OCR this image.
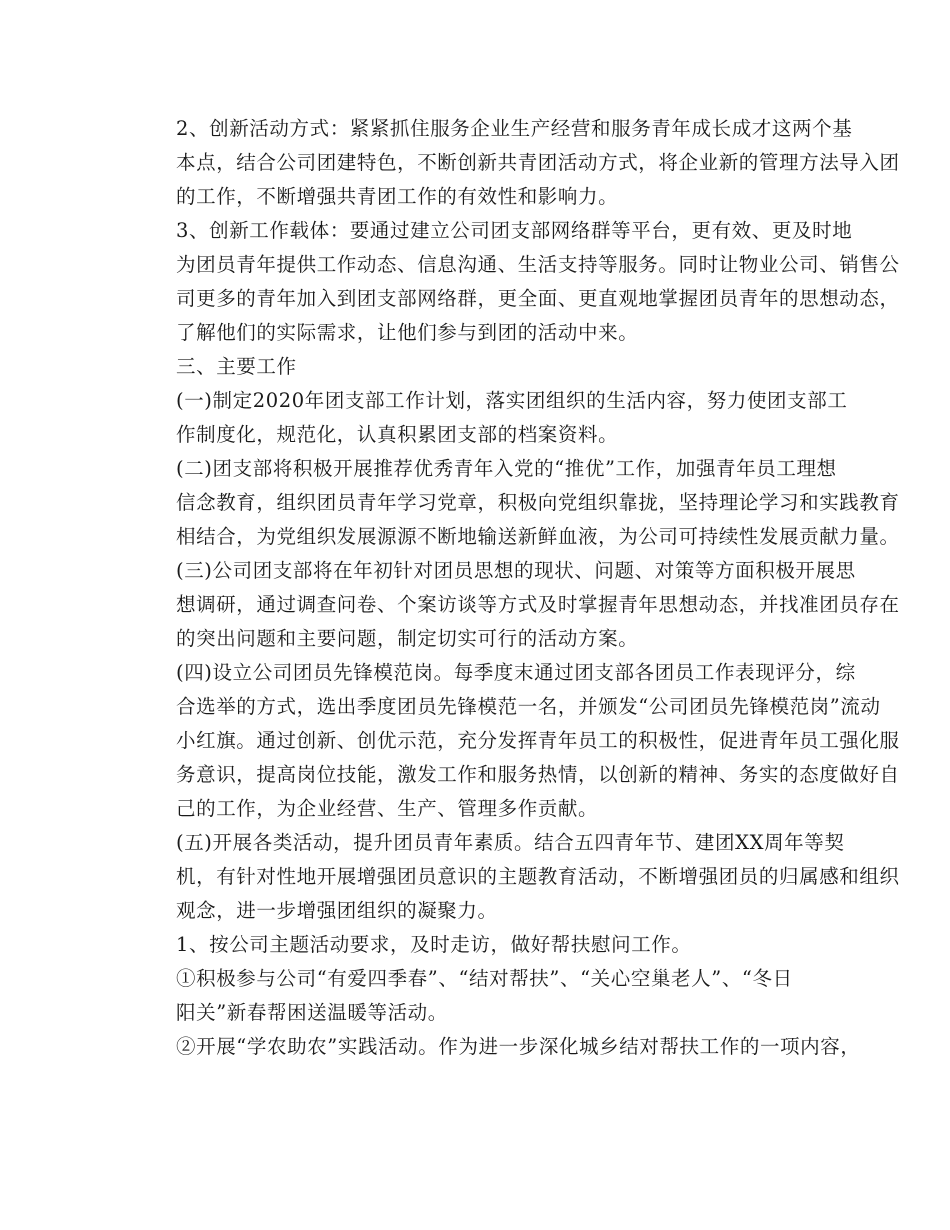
2、创新活动方式：紧紧抓住服务企业生产经营和服务青年成长成才这两个基
本点，结合公司团建特色，不断创新共青团活动方式，将企业新的管理方法导入团
的工作，不断增强共青团工作的有效性和影响力。
3、创新工作载体：要通过建立公司团支部网络群等平台，更有效、更及时地
为团员青年提供工作动态、信息沟通、生活支持等服务。同时让物业公司、销售公
司更多的青年加入到团支部网络群，更全面、更直观地掌握团员青年的思想动态，
了解他们的实际需求，让他们参与到团的活动中来。
三、主要工作
(一)制定2020年团支部工作计划，落实团组织的生活内容，努力使团支部工
作制度化，规范化，认真积累团支部的档案资料。
(二)团支部将积极开展推荐优秀青年入党的“推优”工作，加强青年员工理想
信念教育，组织团员青年学习党章，积极向党组织靠拢，坚持理论学习和实践教育
相结合，为党组织发展源源不断地输送新鲜血液，为公司可持续性发展贡献力量。
(三)公司团支部将在年初针对团员思想的现状、问题、对策等方面积极开展思
想调研，通过调查问卷、个案访谈等方式及时掌握青年思想动态，并找准团员存在
的突出问题和主要问题，制定切实可行的活动方案。
(四)设立公司团员先锋模范岗。每季度末通过团支部各团员工作表现评分，综
合选举的方式，选出季度团员先锋模范一名，并颁发“公司团员先锋模范岗”流动
小红旗。通过创新、创优示范，充分发挥青年员工的积极性，促进青年员工强化服
务意识，提高岗位技能，激发工作和服务热情，以创新的精神、务实的态度做好自
己的工作，为企业经营、生产、管理多作贡献。
(五)开展各类活动，提升团员青年素质。结合五四青年节、建团XX周年等契
机，有针对性地开展增强团员意识的主题教育活动，不断增强团员的归属感和组织
观念，进一步增强团组织的凝聚力。
1、按公司主题活动要求，及时走访，做好帮扶慰问工作。
①积极参与公司“有爱四季春”、“结对帮扶”、“关心空巢老人”、“冬日
阳关”新春帮困送温暖等活动。
②开展“学农助农”实践活动。作为进一步深化城乡结对帮扶工作的一项内容，
